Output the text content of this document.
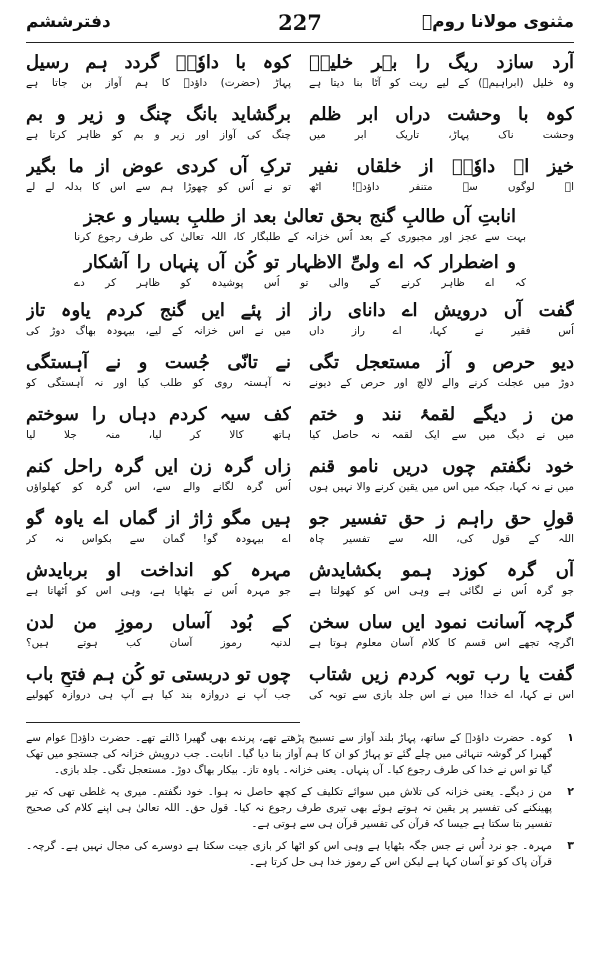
مثنوی مولانا رومؒ
227
دفترششم
آرد سازد ریگ را بہر خلیلؑ
وہ خلیل (ابراہیمؑ) کے لیے ریت کو آٹا بنا دیتا ہے
کوہ با داوٗدؑ گردد ہم رسیل
پہاڑ (حضرت) داؤدؑ کا ہم آواز بن جاتا ہے
کوہ با وحشت دراں ابر ظلم
وحشت ناک پہاڑ، تاریک ابر میں
برگشاید بانگ چنگ و زیر و بم
چنگ کی آواز اور زیر و بم کو ظاہر کرتا ہے
خیز اے داوٗدؑ از خلقاں نفیر
اے لوگوں سے متنفر داؤدؑ! اٹھ
ترکِ آں کردی عوض از ما بگیر
تو نے اُس کو چھوڑا ہم سے اس کا بدلہ لے لے
انابتِ آں طالبِ گنج بحق تعالیٰ بعد از طلبِ بسیار و عجز
بہت سے عجز اور مجبوری کے بعد اُس خزانہ کے طلبگار کا، اللہ تعالیٰ کی طرف رجوع کرنا
و اضطرار کہ اے ولیِّ الاظہار تو کُن آں پنہاں را آشکار
کہ اے ظاہر کرنے کے والی تو اُس پوشیدہ کو ظاہر کر دے
گفت آں درویش اے دانای راز
اُس فقیر نے کہا، اے راز داں
از پئے ایں گنج کردم یاوہ تاز
میں نے اس خزانہ کے لیے، بیہودہ بھاگ دوڑ کی
دیو حرص و آز مستعجل تگی
دوڑ میں عجلت کرنے والے لالچ اور حرص کے دیونے
نے تانّی جُست و نے آہستگی
نہ آہستہ روی کو طلب کیا اور نہ آہستگی کو
من ز دیگے لقمۂ نند و ختم
میں نے دیگ میں سے ایک لقمہ نہ حاصل کیا
کف سیہ کردم دہاں را سوختم
ہاتھ کالا کر لیا، منہ جلا لیا
خود نگفتم چوں دریں نامو قنم
میں نے نہ کہا، جبکہ میں اس میں یقین کرنے والا نہیں ہوں
زاں گرہ زن ایں گرہ راحل کنم
اُس گرہ لگانے والے سے، اس گرہ کو کھلواؤں
قولِ حق راہم ز حق تفسیر جو
اللہ کے قول کی، اللہ سے تفسیر چاہ
ہیں مگو ژاژ از گماں اے یاوہ گو
اے بیہودہ گو! گمان سے بکواس نہ کر
آں گرہ کوزد ہمو بکشایدش
جو گرہ اُس نے لگائی ہے وہی اس کو کھولتا ہے
مہرہ کو انداخت او بربایدش
جو مہرہ اُس نے بٹھایا ہے، وہی اس کو اُٹھاتا ہے
گرچہ آسانت نمود ایں ساں سخن
اگرچہ تجھے اس قسم کا کلام آسان معلوم ہوتا ہے
کے بُود آساں رموزِ من لدن
لدنیہ رموز آسان کب ہوتے ہیں؟
گفت یا رب توبہ کردم زیں شتاب
اس نے کہا، اے خدا! میں نے اس جلد بازی سے توبہ کی
چوں تو دربستی تو کُن ہم فتحِ باب
جب آپ نے دروازہ بند کیا ہے آپ ہی دروازہ کھولیے
۱
کوہ۔ حضرت داؤدؑ کے ساتھ، پہاڑ بلند آواز سے تسبیح پڑھتے تھے، پرندے بھی گھیرا ڈالتے تھے۔ حضرت داؤدؑ عوام سے گھبرا کر گوشہ تنہائی میں چلے گئے تو پہاڑ کو ان کا ہم آواز بنا دیا گیا۔ انابت۔ جب درویش خزانہ کی جستجو میں تھک گیا تو اس نے خدا کی طرف رجوع کیا۔ آں پنہاں۔ یعنی خزانہ۔ یاوہ تاز۔ بیکار بھاگ دوڑ۔ مستعجل تگی۔ جلد بازی۔
۲
من ز دیگے۔ یعنی خزانہ کی تلاش میں سوائے تکلیف کے کچھ حاصل نہ ہوا۔ خود نگفتم۔ میری یہ غلطی تھی کہ تیر پھینکنے کی تفسیر پر یقین نہ ہوتے ہوئے بھی تیری طرف رجوع نہ کیا۔ قول حق۔ اللہ تعالیٰ ہی اپنے کلام کی صحیح تفسیر بتا سکتا ہے جیسا کہ قرآن کی تفسیر قرآن ہی سے ہوتی ہے۔
۳
مہرہ۔ جو نرد اُس نے جس جگہ بٹھایا ہے وہی اس کو اٹھا کر بازی جیت سکتا ہے دوسرے کی مجال نہیں ہے۔ گرچہ۔ قرآن پاک کو تو آسان کہا ہے لیکن اس کے رموز خدا ہی حل کرتا ہے۔
